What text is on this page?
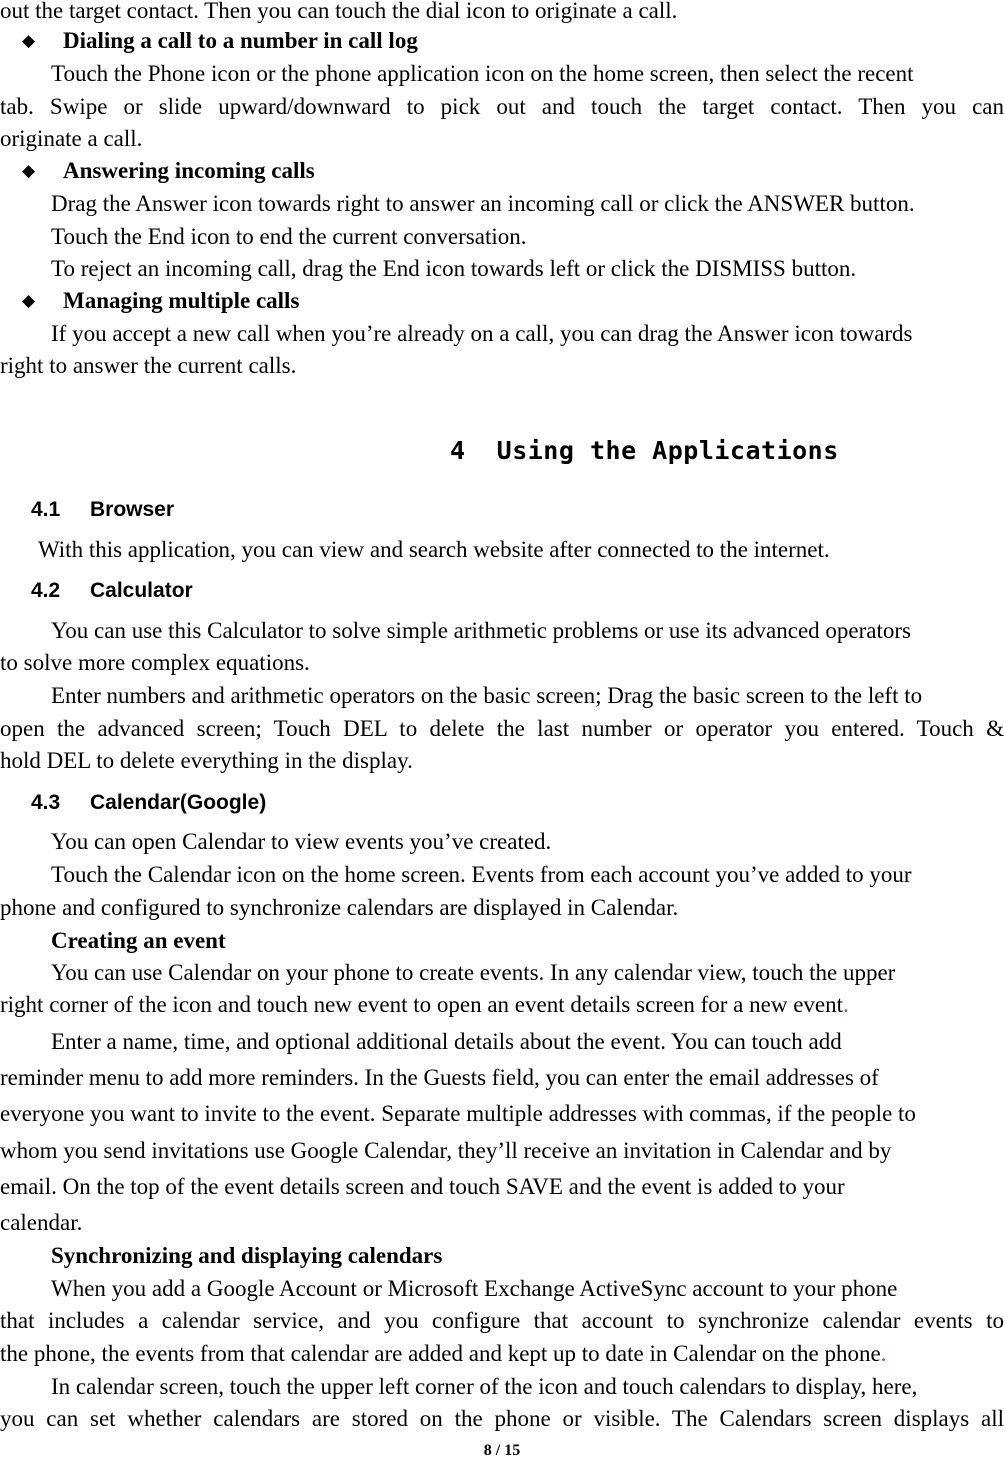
out the target contact. Then you can touch the dial icon to originate a call.
◆ Dialing a call to a number in call log
Touch the Phone icon or the phone application icon on the home screen, then select the recent
tab. Swipe or slide upward/downward to pick out and touch the target contact. Then you can
originate a call.
◆ Answering incoming calls
Drag the Answer icon towards right to answer an incoming call or click the ANSWER button.
Touch the End icon to end the current conversation.
To reject an incoming call, drag the End icon towards left or click the DISMISS button.
◆ Managing multiple calls
If you accept a new call when you’re already on a call, you can drag the Answer icon towards
right to answer the current calls.
4  Using the Applications
4.1 Browser
With this application, you can view and search website after connected to the internet.
4.2 Calculator
You can use this Calculator to solve simple arithmetic problems or use its advanced operators
to solve more complex equations.
Enter numbers and arithmetic operators on the basic screen; Drag the basic screen to the left to
open the advanced screen; Touch DEL to delete the last number or operator you entered. Touch &
hold DEL to delete everything in the display.
4.3 Calendar(Google)
You can open Calendar to view events you’ve created.
Touch the Calendar icon on the home screen. Events from each account you’ve added to your
phone and configured to synchronize calendars are displayed in Calendar.
Creating an event
You can use Calendar on your phone to create events. In any calendar view, touch the upper
right corner of the icon and touch new event to open an event details screen for a new event.
Enter a name, time, and optional additional details about the event. You can touch add
reminder menu to add more reminders. In the Guests field, you can enter the email addresses of
everyone you want to invite to the event. Separate multiple addresses with commas, if the people to
whom you send invitations use Google Calendar, they’ll receive an invitation in Calendar and by
email. On the top of the event details screen and touch SAVE and the event is added to your
calendar.
Synchronizing and displaying calendars
When you add a Google Account or Microsoft Exchange ActiveSync account to your phone
that includes a calendar service, and you configure that account to synchronize calendar events to
the phone, the events from that calendar are added and kept up to date in Calendar on the phone.
In calendar screen, touch the upper left corner of the icon and touch calendars to display, here,
you can set whether calendars are stored on the phone or visible. The Calendars screen displays all
8 / 15
